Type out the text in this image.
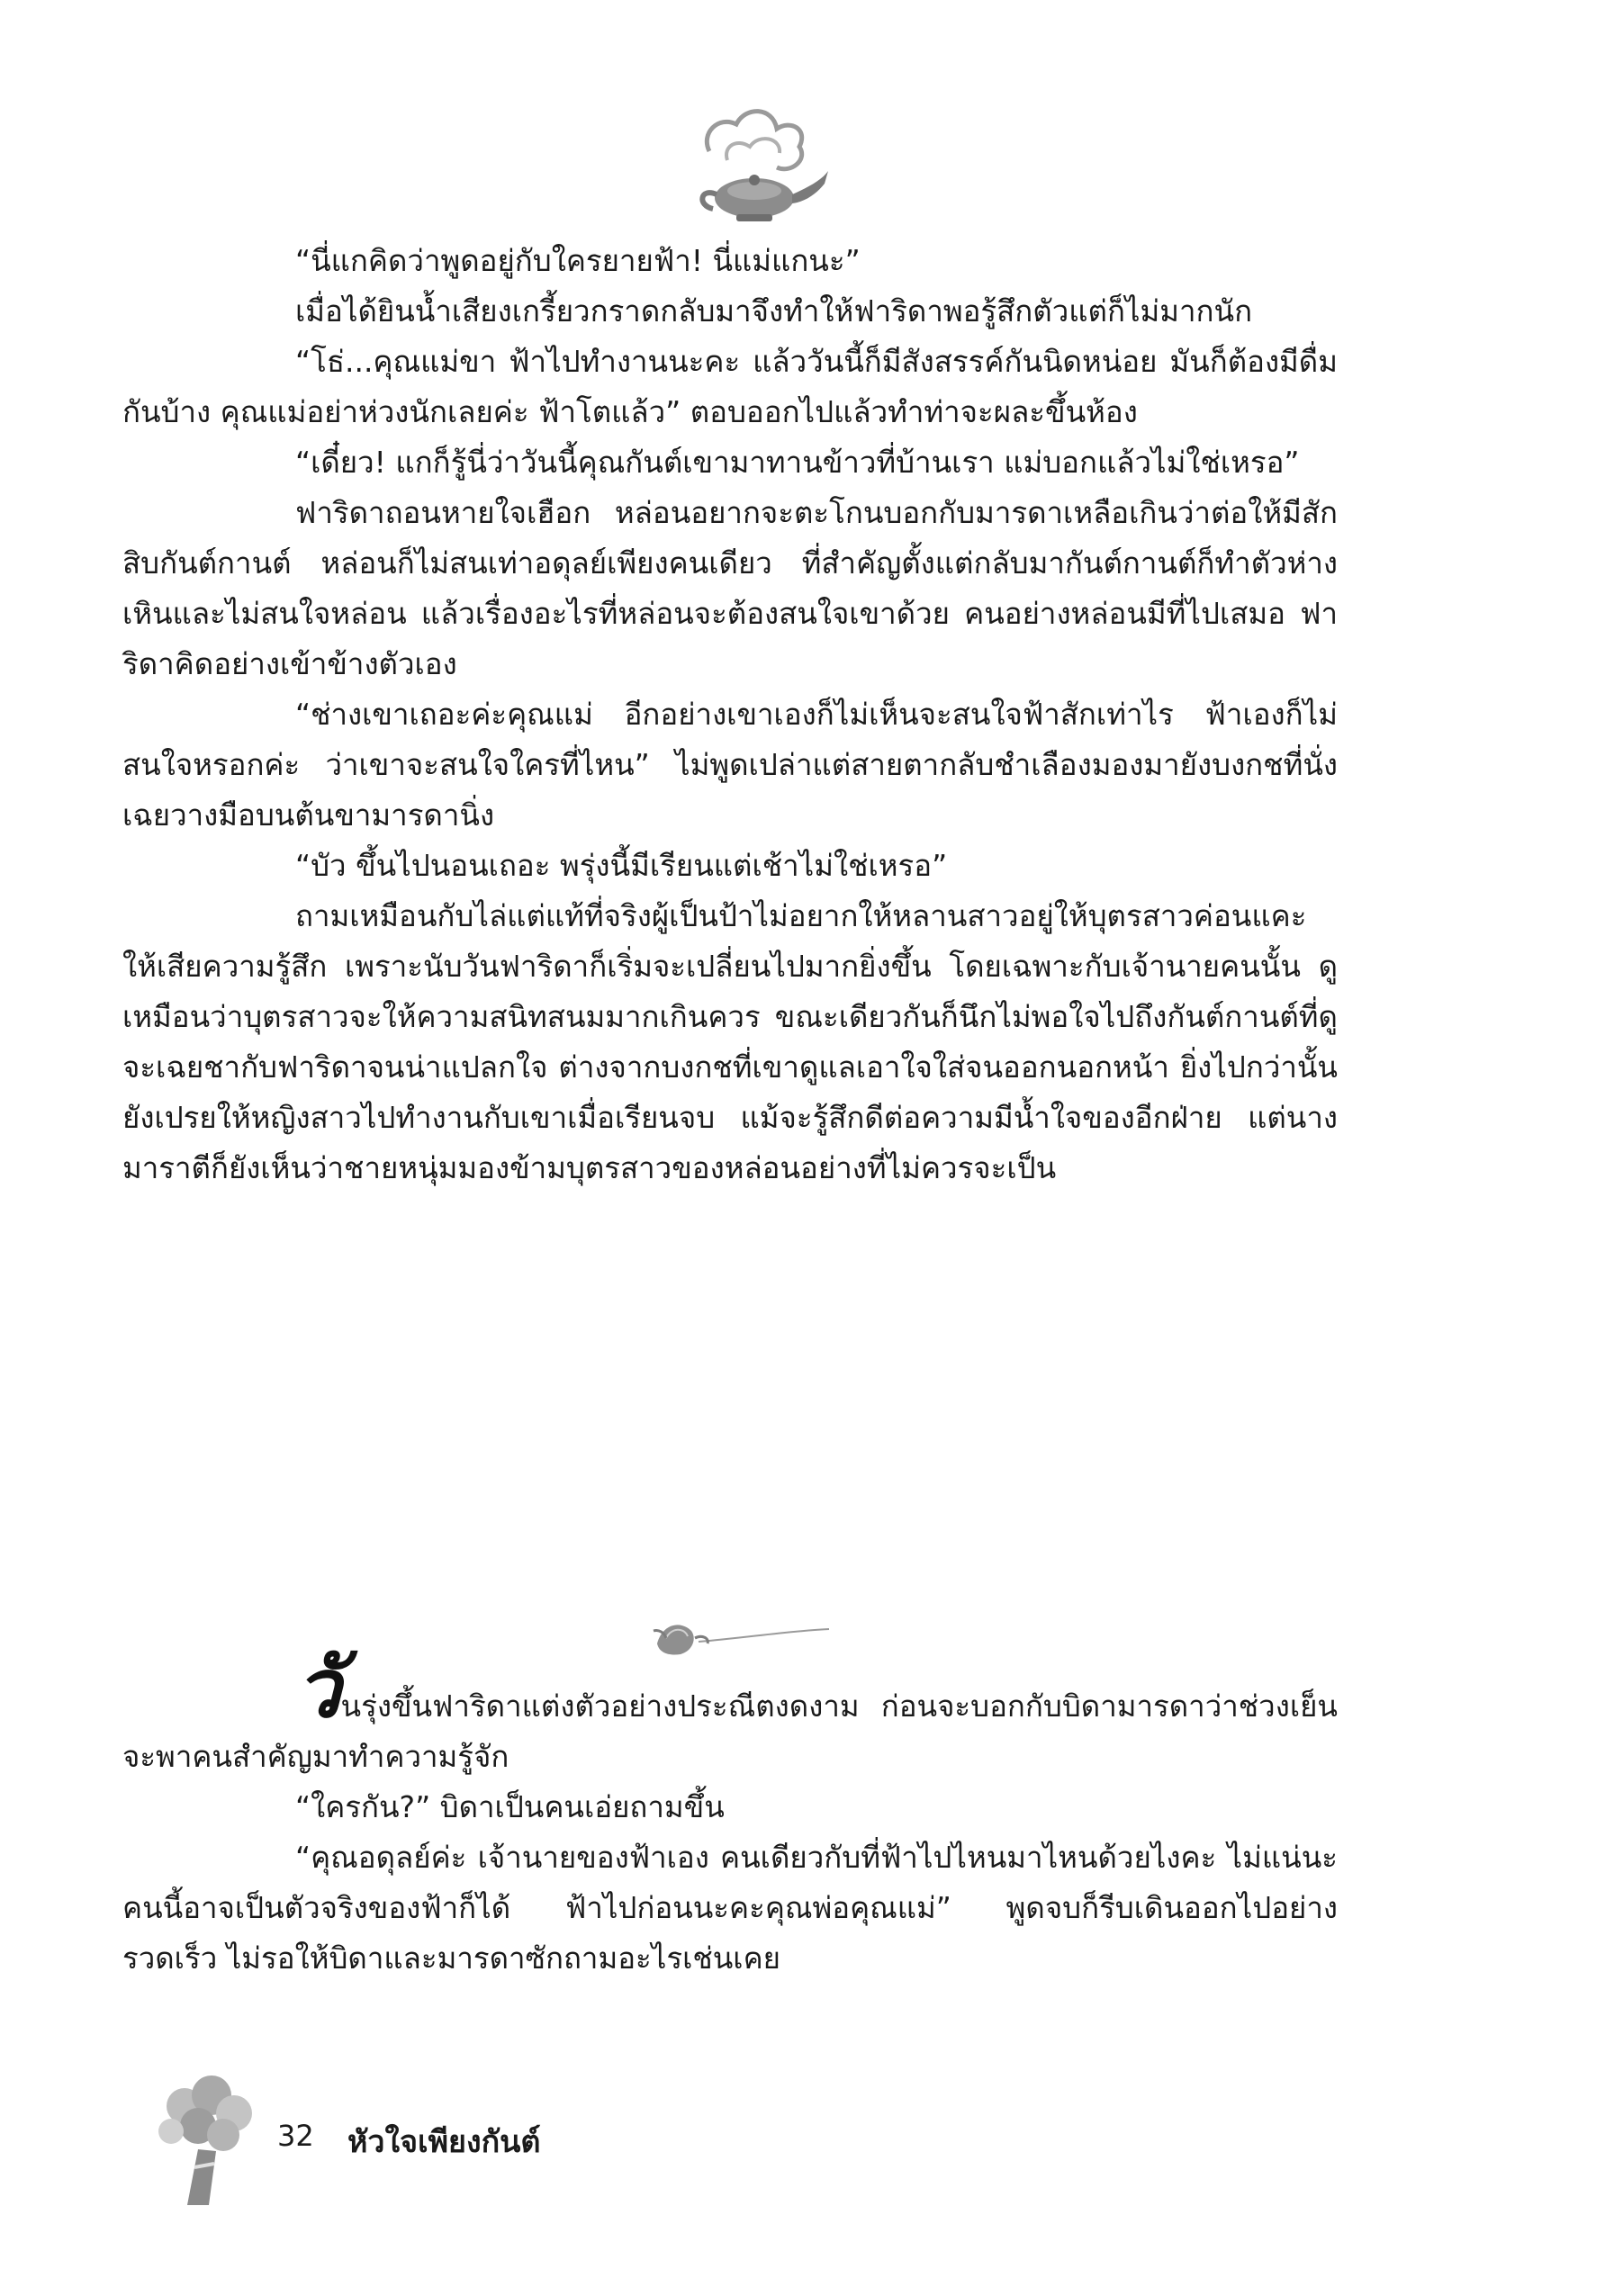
“นี่แกคิดว่าพูดอยู่กับใครยายฟ้า! นี่แม่แกนะ”

เมื่อได้ยินน้ำเสียงเกรี้ยวกราดกลับมาจึงทำให้ฟาริดาพอรู้สึกตัวแต่ก็ไม่มากนัก

“โธ่...คุณแม่ขา ฟ้าไปทำงานนะคะ แล้ววันนี้ก็มีสังสรรค์กันนิดหน่อย มันก็ต้องมีดื่มกันบ้าง คุณแม่อย่าห่วงนักเลยค่ะ ฟ้าโตแล้ว” ตอบออกไปแล้วทำท่าจะผละขึ้นห้อง

“เดี๋ยว! แกก็รู้นี่ว่าวันนี้คุณกันต์เขามาทานข้าวที่บ้านเรา แม่บอกแล้วไม่ใช่เหรอ”

ฟาริดาถอนหายใจเฮือก หล่อนอยากจะตะโกนบอกกับมารดาเหลือเกินว่าต่อให้มีสักสิบกันต์กานต์ หล่อนก็ไม่สนเท่าอดุลย์เพียงคนเดียว ที่สำคัญตั้งแต่กลับมากันต์กานต์ก็ทำตัวห่างเหินและไม่สนใจหล่อน แล้วเรื่องอะไรที่หล่อนจะต้องสนใจเขาด้วย คนอย่างหล่อนมีที่ไปเสมอ ฟาริดาคิดอย่างเข้าข้างตัวเอง

“ช่างเขาเถอะค่ะคุณแม่ อีกอย่างเขาเองก็ไม่เห็นจะสนใจฟ้าสักเท่าไร ฟ้าเองก็ไม่สนใจหรอกค่ะ ว่าเขาจะสนใจใครที่ไหน” ไม่พูดเปล่าแต่สายตากลับชำเลืองมองมายังบงกชที่นั่งเฉยวางมือบนต้นขามารดานิ่ง

“บัว ขึ้นไปนอนเถอะ พรุ่งนี้มีเรียนแต่เช้าไม่ใช่เหรอ”

ถามเหมือนกับไล่แต่แท้ที่จริงผู้เป็นป้าไม่อยากให้หลานสาวอยู่ให้บุตรสาวค่อนแคะให้เสียความรู้สึก เพราะนับวันฟาริดาก็เริ่มจะเปลี่ยนไปมากยิ่งขึ้น โดยเฉพาะกับเจ้านายคนนั้น ดูเหมือนว่าบุตรสาวจะให้ความสนิทสนมมากเกินควร ขณะเดียวกันก็นึกไม่พอใจไปถึงกันต์กานต์ที่ดูจะเฉยชากับฟาริดาจนน่าแปลกใจ ต่างจากบงกชที่เขาดูแลเอาใจใส่จนออกนอกหน้า ยิ่งไปกว่านั้นยังเปรยให้หญิงสาวไปทำงานกับเขาเมื่อเรียนจบ แม้จะรู้สึกดีต่อความมีน้ำใจของอีกฝ่าย แต่นางมาราตีก็ยังเห็นว่าชายหนุ่มมองข้ามบุตรสาวของหล่อนอย่างที่ไม่ควรจะเป็น

วันรุ่งขึ้นฟาริดาแต่งตัวอย่างประณีตงดงาม ก่อนจะบอกกับบิดามารดาว่าช่วงเย็นจะพาคนสำคัญมาทำความรู้จัก

“ใครกัน?” บิดาเป็นคนเอ่ยถามขึ้น

“คุณอดุลย์ค่ะ เจ้านายของฟ้าเอง คนเดียวกับที่ฟ้าไปไหนมาไหนด้วยไงคะ ไม่แน่นะคนนี้อาจเป็นตัวจริงของฟ้าก็ได้ ฟ้าไปก่อนนะคะคุณพ่อคุณแม่” พูดจบก็รีบเดินออกไปอย่างรวดเร็ว ไม่รอให้บิดาและมารดาซักถามอะไรเช่นเคย

32 หัวใจเพียงกันต์
